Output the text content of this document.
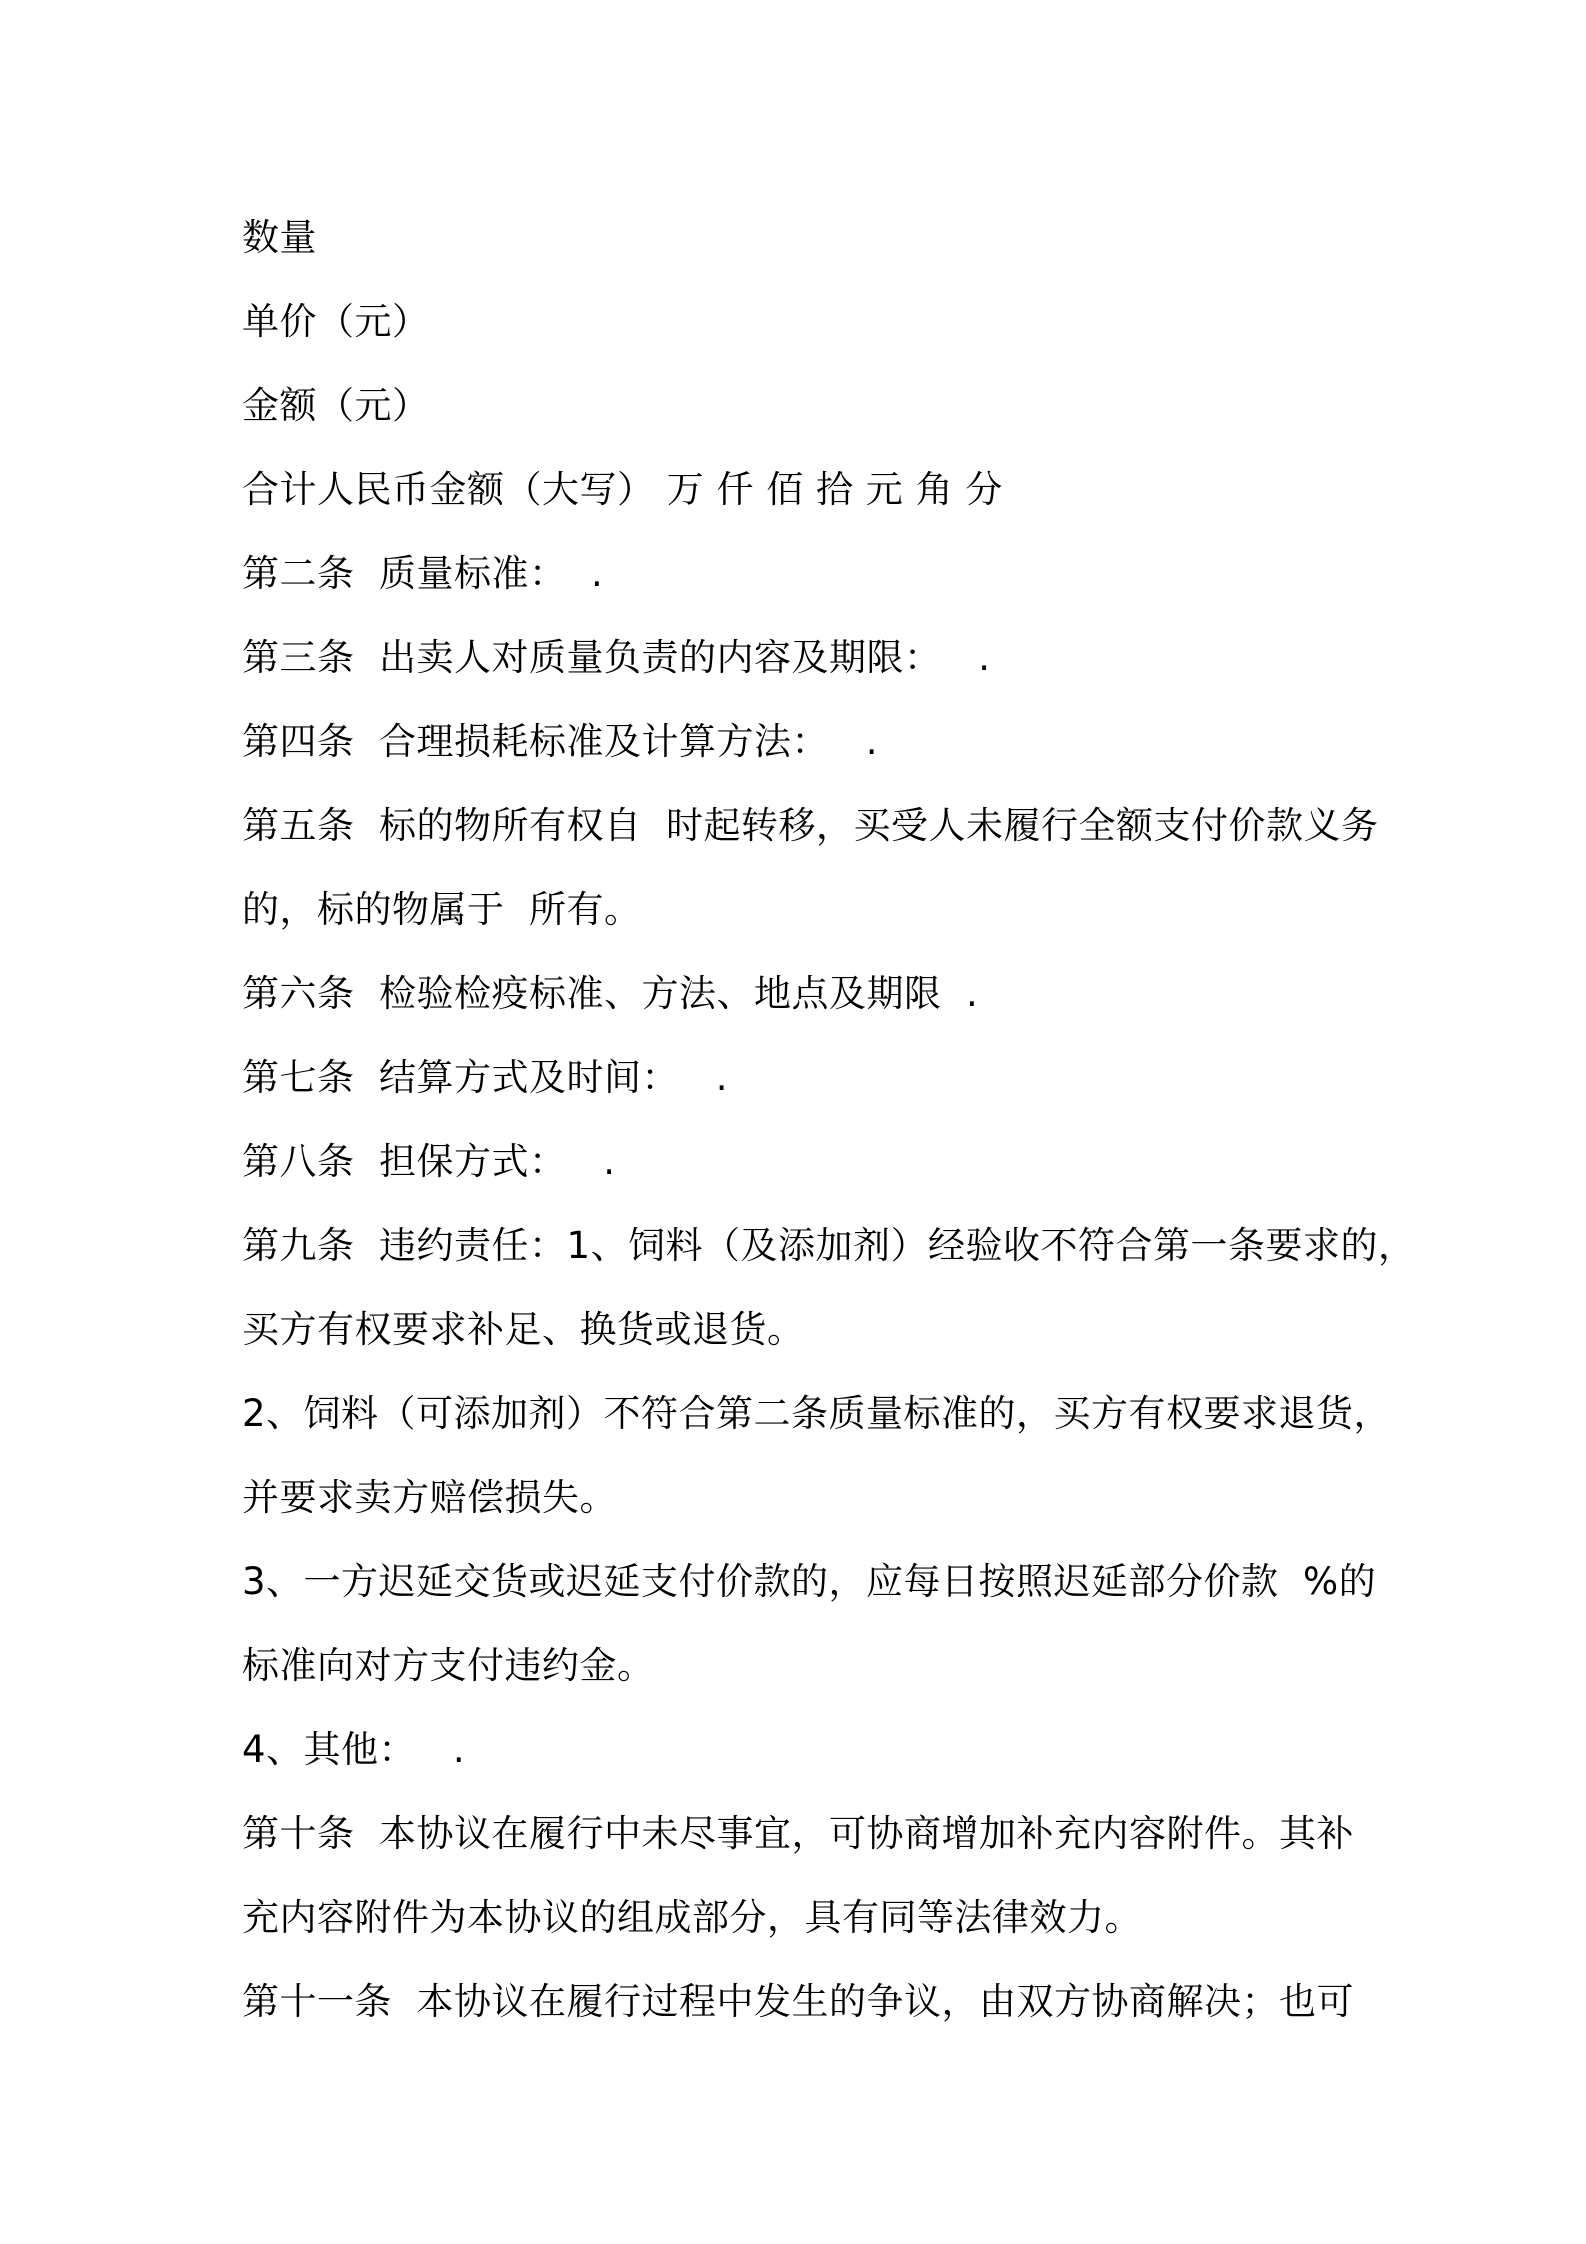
数量
单价（元）
金额（元）
合计人民币金额（大写） 万 仟 佰 拾 元 角 分
第二条  质量标准：  .
第三条  出卖人对质量负责的内容及期限：   .
第四条  合理损耗标准及计算方法：   .
第五条  标的物所有权自  时起转移，买受人未履行全额支付价款义务
的，标的物属于  所有。
第六条  检验检疫标准、方法、地点及期限  .
第七条  结算方式及时间：   .
第八条  担保方式：   .
第九条  违约责任：1、饲料（及添加剂）经验收不符合第一条要求的，
买方有权要求补足、换货或退货。
2、饲料（可添加剂）不符合第二条质量标准的，买方有权要求退货，
并要求卖方赔偿损失。
3、一方迟延交货或迟延支付价款的，应每日按照迟延部分价款  %的
标准向对方支付违约金。
4、其他：   .
第十条  本协议在履行中未尽事宜，可协商增加补充内容附件。其补
充内容附件为本协议的组成部分，具有同等法律效力。
第十一条  本协议在履行过程中发生的争议，由双方协商解决；也可
